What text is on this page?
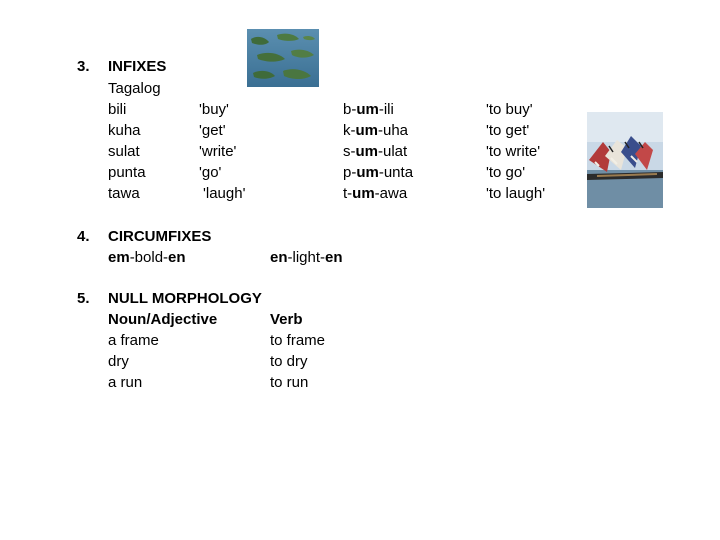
3. INFIXES
Tagalog
bili	'buy'	b-um-ili	'to buy'
kuha	'get'	k-um-uha	'to get'
sulat	'write'	s-um-ulat	'to write'
punta	'go'	p-um-unta	'to go'
tawa	'laugh'	t-um-awa	'to laugh'
4. CIRCUMFIXES
em-bold-en	en-light-en
5. NULL MORPHOLOGY
Noun/Adjective	Verb
a frame	to frame
dry	to dry
a run	to run
